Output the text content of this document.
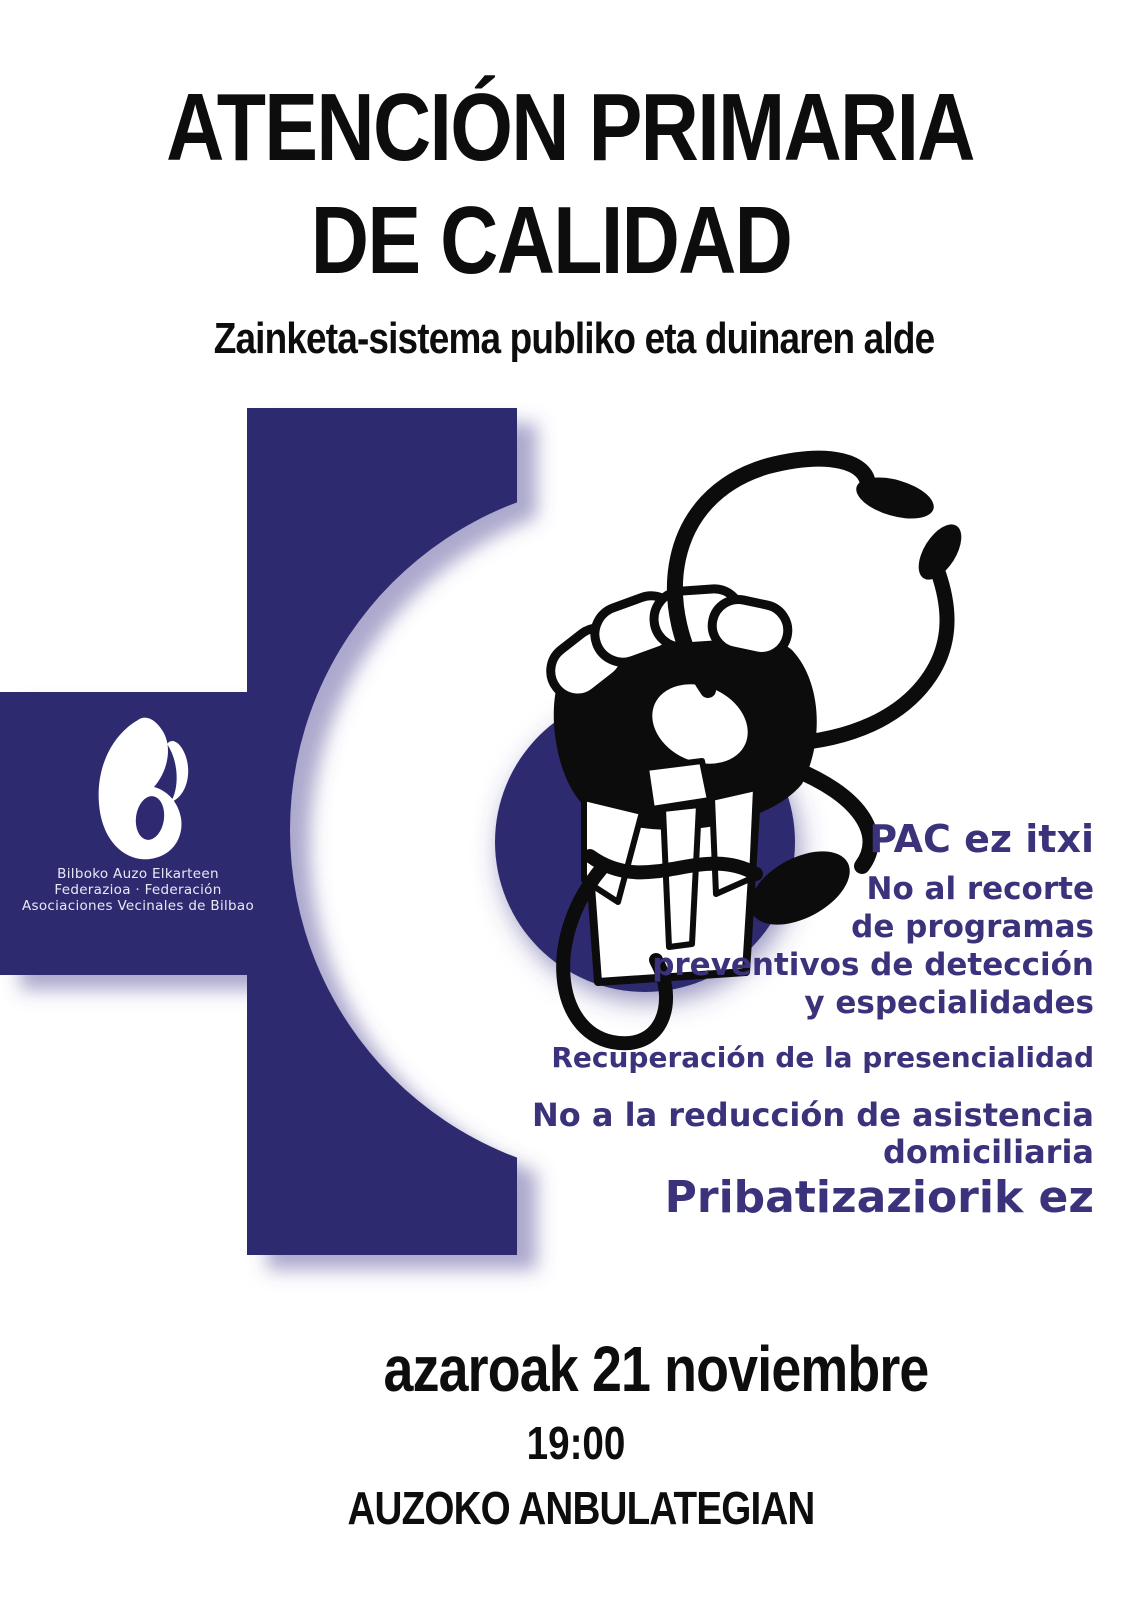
ATENCIÓN PRIMARIA
DE CALIDAD
Zainketa-sistema publiko eta duinaren alde
Bilboko Auzo Elkarteen
Federazioa · Federación
Asociaciones Vecinales de Bilbao
PAC ez itxi
No al recorte
de programas
preventivos de detección
y especialidades
Recuperación de la presencialidad
No a la reducción de asistencia
domiciliaria
Pribatizaziorik ez
azaroak 21 noviembre
19:00
AUZOKO ANBULATEGIAN
